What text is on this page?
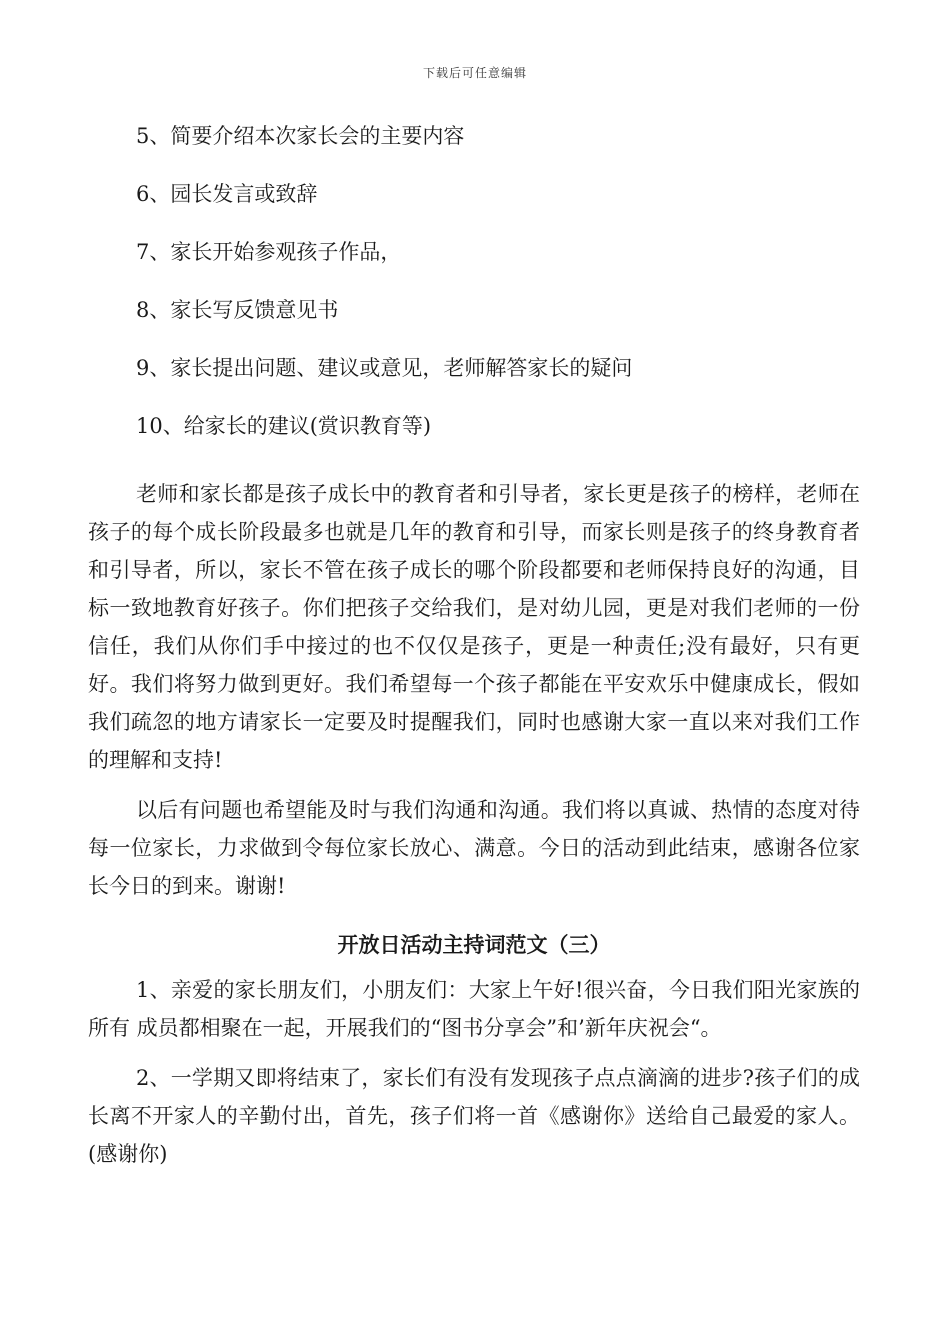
下载后可任意编辑

5、简要介绍本次家长会的主要内容

6、园长发言或致辞

7、家长开始参观孩子作品，

8、家长写反馈意见书

9、家长提出问题、建议或意见，老师解答家长的疑问

10、给家长的建议(赏识教育等)

老师和家长都是孩子成长中的教育者和引导者，家长更是孩子的榜样，老师在孩子的每个成长阶段最多也就是几年的教育和引导，而家长则是孩子的终身教育者和引导者，所以，家长不管在孩子成长的哪个阶段都要和老师保持良好的沟通，目标一致地教育好孩子。你们把孩子交给我们，是对幼儿园，更是对我们老师的一份信任，我们从你们手中接过的也不仅仅是孩子，更是一种责任;没有最好，只有更好。我们将努力做到更好。我们希望每一个孩子都能在平安欢乐中健康成长，假如我们疏忽的地方请家长一定要及时提醒我们，同时也感谢大家一直以来对我们工作的理解和支持!

以后有问题也希望能及时与我们沟通和沟通。我们将以真诚、热情的态度对待每一位家长，力求做到令每位家长放心、满意。今日的活动到此结束，感谢各位家长今日的到来。谢谢!

开放日活动主持词范文（三）

1、亲爱的家长朋友们，小朋友们：大家上午好!很兴奋，今日我们阳光家族的所有 成员都相聚在一起，开展我们的“图书分享会”和’新年庆祝会“。

2、一学期又即将结束了，家长们有没有发现孩子点点滴滴的进步?孩子们的成长离不开家人的辛勤付出，首先，孩子们将一首《感谢你》送给自己最爱的家人。(感谢你)
